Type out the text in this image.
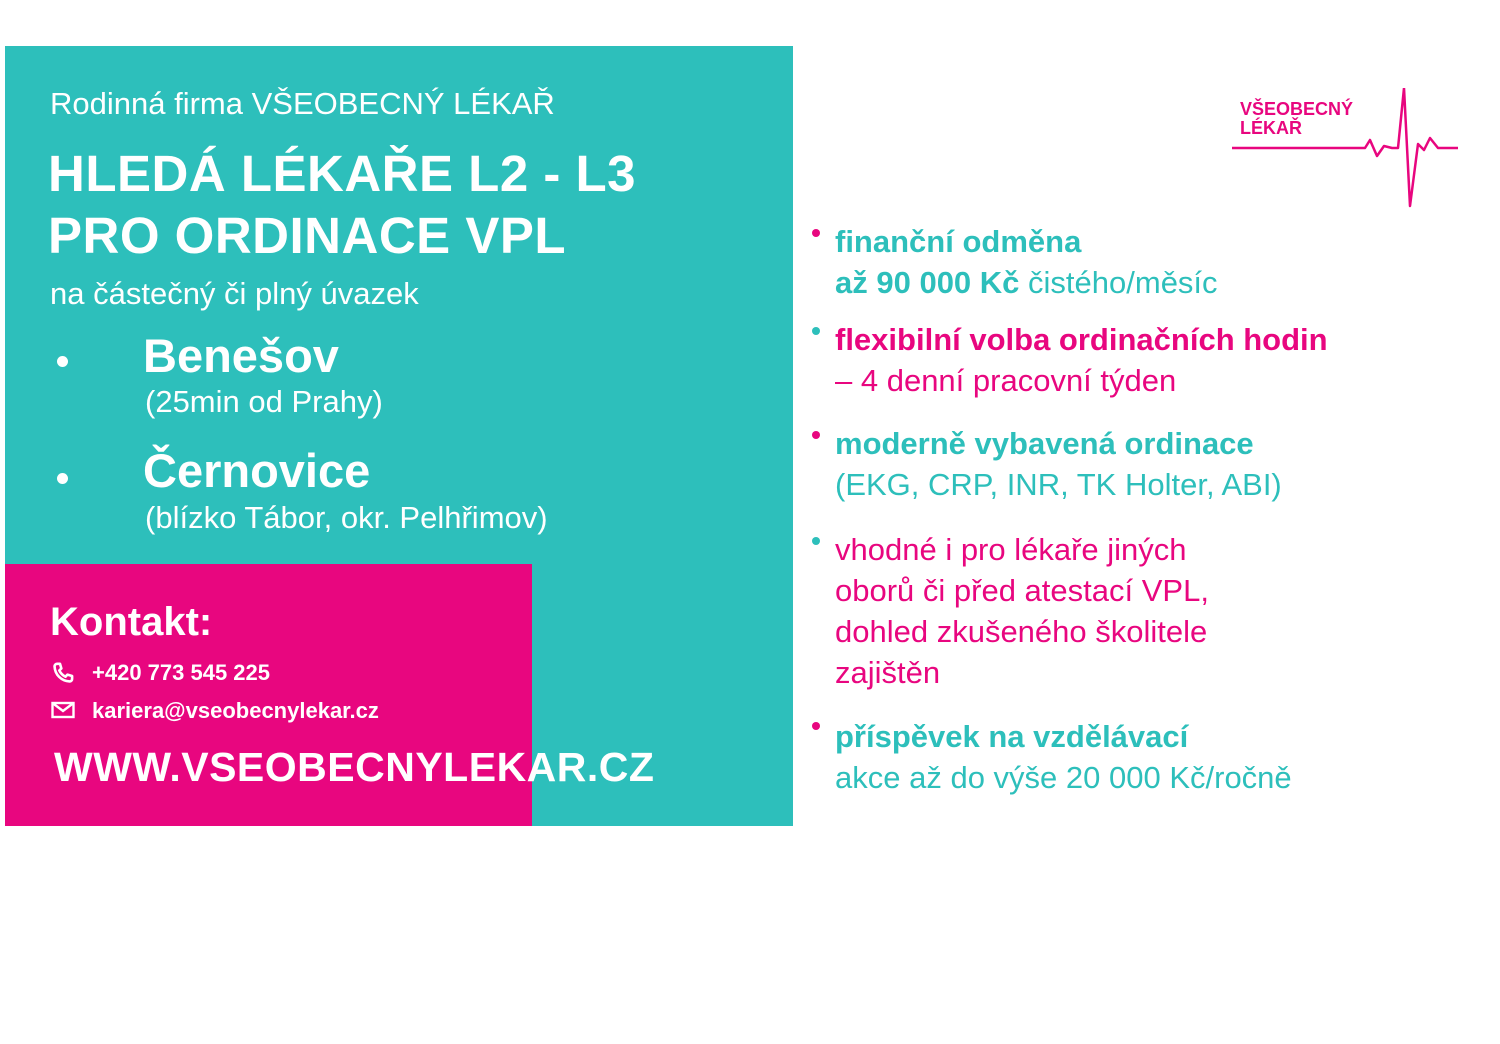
Rodinná firma VŠEOBECNÝ LÉKAŘ
HLEDÁ LÉKAŘE L2 - L3
PRO ORDINACE VPL
na částečný či plný úvazek
Benešov
(25min od Prahy)
Černovice
(blízko Tábor, okr. Pelhřimov)
Kontakt:
+420 773 545 225
kariera@vseobecnylekar.cz
WWW.VSEOBECNYLEKAR.CZ
VŠEOBECNÝ
LÉKAŘ
finanční odměna
až 90 000 Kč čistého/měsíc
flexibilní volba ordinačních hodin
– 4 denní pracovní týden
moderně vybavená ordinace
(EKG, CRP, INR, TK Holter, ABI)
vhodné i pro lékaře jiných
oborů či před atestací VPL,
dohled zkušeného školitele
zajištěn
příspěvek na vzdělávací
akce až do výše 20 000 Kč/ročně
